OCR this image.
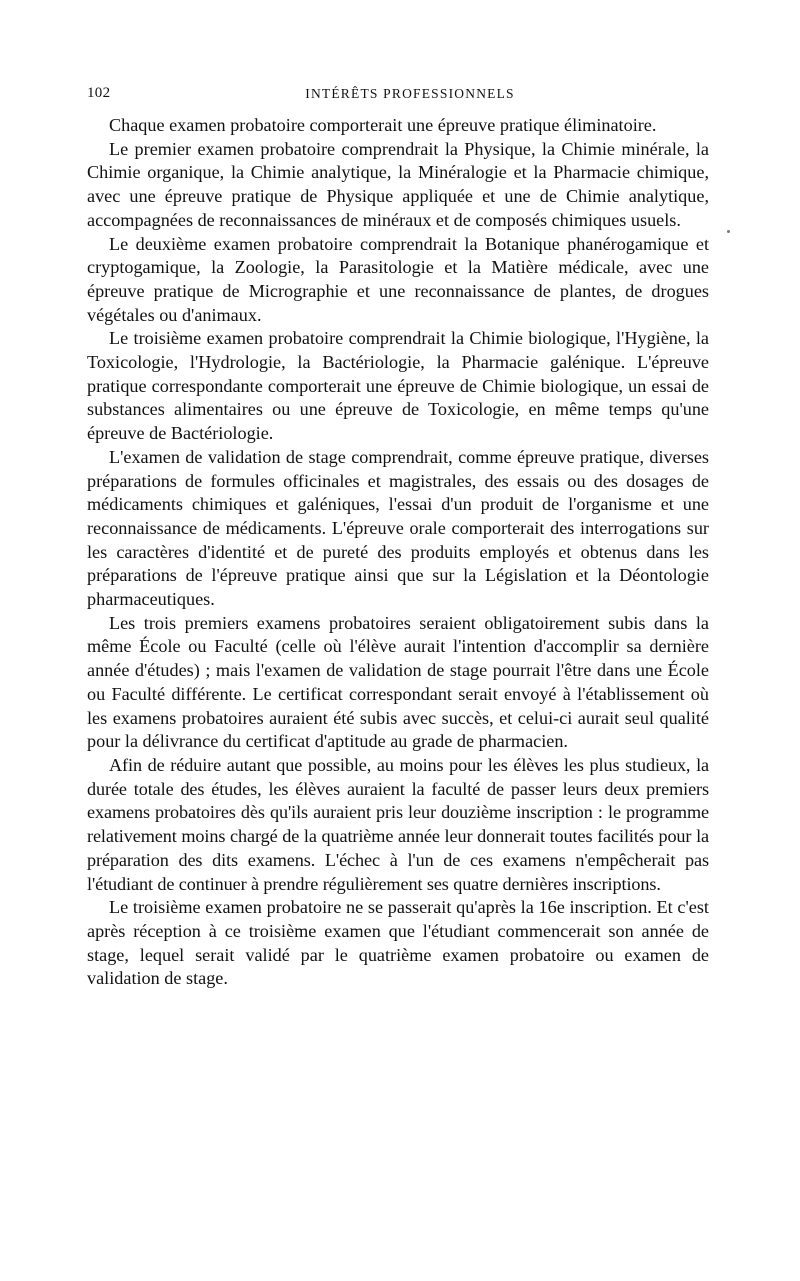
102	INTÉRÊTS PROFESSIONNELS

Chaque examen probatoire comporterait une épreuve pratique éliminatoire.

Le premier examen probatoire comprendrait la Physique, la Chimie minérale, la Chimie organique, la Chimie analytique, la Minéralogie et la Pharmacie chimique, avec une épreuve pratique de Physique appliquée et une de Chimie analytique, accompagnées de reconnaissances de minéraux et de composés chimiques usuels.

Le deuxième examen probatoire comprendrait la Botanique phanérogamique et cryptogamique, la Zoologie, la Parasitologie et la Matière médicale, avec une épreuve pratique de Micrographie et une reconnaissance de plantes, de drogues végétales ou d'animaux.

Le troisième examen probatoire comprendrait la Chimie biologique, l'Hygiène, la Toxicologie, l'Hydrologie, la Bactériologie, la Pharmacie galénique. L'épreuve pratique correspondante comporterait une épreuve de Chimie biologique, un essai de substances alimentaires ou une épreuve de Toxicologie, en même temps qu'une épreuve de Bactériologie.

L'examen de validation de stage comprendrait, comme épreuve pratique, diverses préparations de formules officinales et magistrales, des essais ou des dosages de médicaments chimiques et galéniques, l'essai d'un produit de l'organisme et une reconnaissance de médicaments. L'épreuve orale comporterait des interrogations sur les caractères d'identité et de pureté des produits employés et obtenus dans les préparations de l'épreuve pratique ainsi que sur la Législation et la Déontologie pharmaceutiques.

Les trois premiers examens probatoires seraient obligatoirement subis dans la même École ou Faculté (celle où l'élève aurait l'intention d'accomplir sa dernière année d'études) ; mais l'examen de validation de stage pourrait l'être dans une École ou Faculté différente. Le certificat correspondant serait envoyé à l'établissement où les examens probatoires auraient été subis avec succès, et celui-ci aurait seul qualité pour la délivrance du certificat d'aptitude au grade de pharmacien.

Afin de réduire autant que possible, au moins pour les élèves les plus studieux, la durée totale des études, les élèves auraient la faculté de passer leurs deux premiers examens probatoires dès qu'ils auraient pris leur douzième inscription : le programme relativement moins chargé de la quatrième année leur donnerait toutes facilités pour la préparation des dits examens. L'échec à l'un de ces examens n'empêcherait pas l'étudiant de continuer à prendre régulièrement ses quatre dernières inscriptions.

Le troisième examen probatoire ne se passerait qu'après la 16e inscription. Et c'est après réception à ce troisième examen que l'étudiant commencerait son année de stage, lequel serait validé par le quatrième examen probatoire ou examen de validation de stage.
